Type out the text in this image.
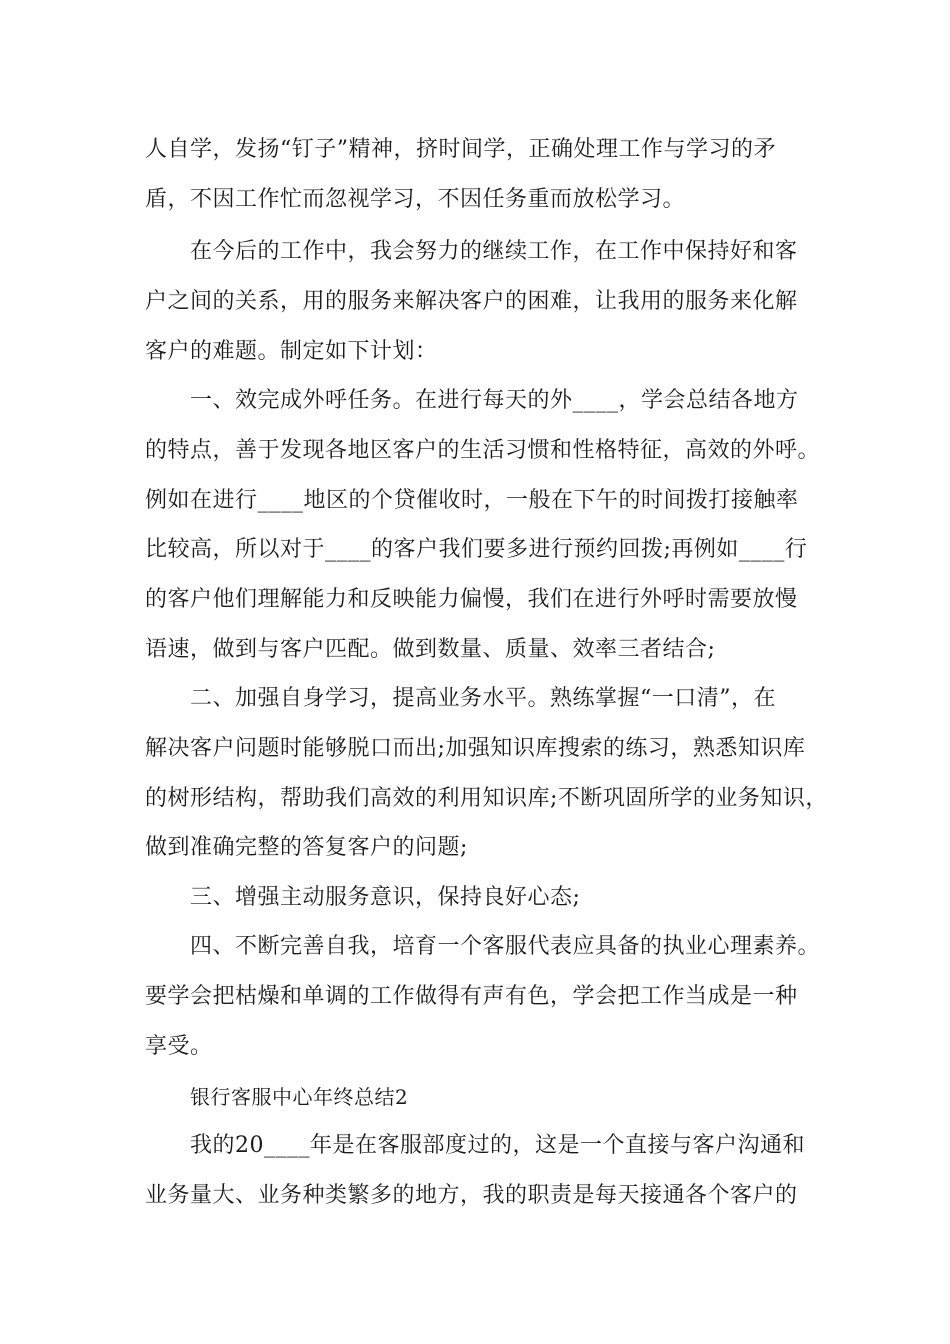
人自学，发扬“钉子”精神，挤时间学，正确处理工作与学习的矛
盾，不因工作忙而忽视学习，不因任务重而放松学习。
在今后的工作中，我会努力的继续工作，在工作中保持好和客
户之间的关系，用的服务来解决客户的困难，让我用的服务来化解
客户的难题。制定如下计划：
一、效完成外呼任务。在进行每天的外____，学会总结各地方
的特点，善于发现各地区客户的生活习惯和性格特征，高效的外呼。
例如在进行____地区的个贷催收时，一般在下午的时间拨打接触率
比较高，所以对于____的客户我们要多进行预约回拨;再例如____行
的客户他们理解能力和反映能力偏慢，我们在进行外呼时需要放慢
语速，做到与客户匹配。做到数量、质量、效率三者结合;
二、加强自身学习，提高业务水平。熟练掌握“一口清”，在
解决客户问题时能够脱口而出;加强知识库搜索的练习，熟悉知识库
的树形结构，帮助我们高效的利用知识库;不断巩固所学的业务知识，
做到准确完整的答复客户的问题;
三、增强主动服务意识，保持良好心态;
四、不断完善自我，培育一个客服代表应具备的执业心理素养。
要学会把枯燥和单调的工作做得有声有色，学会把工作当成是一种
享受。
银行客服中心年终总结2
我的20____年是在客服部度过的，这是一个直接与客户沟通和
业务量大、业务种类繁多的地方，我的职责是每天接通各个客户的
